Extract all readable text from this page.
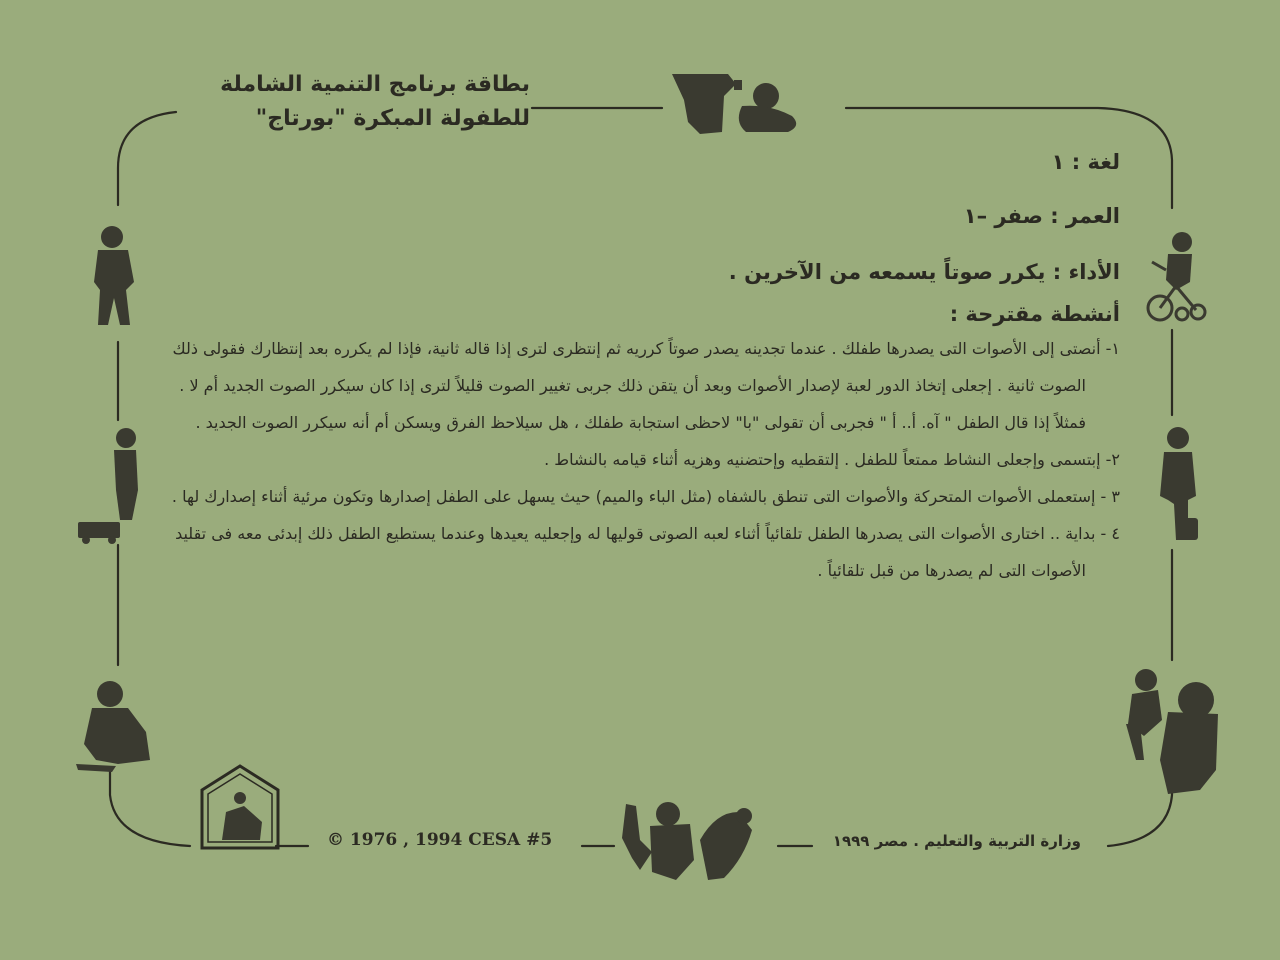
بطاقة برنامج التنمية الشاملة
للطفولة المبكرة "بورتاج"
لغة : ١
العمر : صفر –١
الأداء : يكرر صوتاً يسمعه من الآخرين .
أنشطة مقترحة :

١- أنصتى إلى الأصوات التى يصدرها طفلك . عندما تجدينه يصدر صوتاً كرريه ثم إنتظرى لترى إذا قاله ثانية، فإذا لم يكرره بعد إنتظارك فقولى ذلك الصوت ثانية . إجعلى إتخاذ الدور لعبة لإصدار الأصوات وبعد أن يتقن ذلك جربى تغيير الصوت قليلاً لترى إذا كان سيكرر الصوت الجديد أم لا . فمثلاً إذا قال الطفل " آه. أ.. أ " فجربى أن تقولى "با" لاحظى استجابة طفلك ، هل سيلاحظ الفرق ويسكن أم أنه سيكرر الصوت الجديد .

٢- إبتسمى وإجعلى النشاط ممتعاً للطفل . إلتقطيه وإحتضنيه وهزيه أثناء قيامه بالنشاط .

٣ - إستعملى الأصوات المتحركة والأصوات التى تنطق بالشفاه (مثل الباء والميم) حيث يسهل على الطفل إصدارها وتكون مرئية أثناء إصدارك لها .

٤ - بداية .. اختارى الأصوات التى يصدرها الطفل تلقائياً أثناء لعبه الصوتى قوليها له وإجعليه يعيدها وعندما يستطيع الطفل ذلك إبدئى معه فى تقليد الأصوات التى لم يصدرها من قبل تلقائياً .

© 1976 , 1994 CESA #5	وزارة التربية والتعليم . مصر ١٩٩٩
